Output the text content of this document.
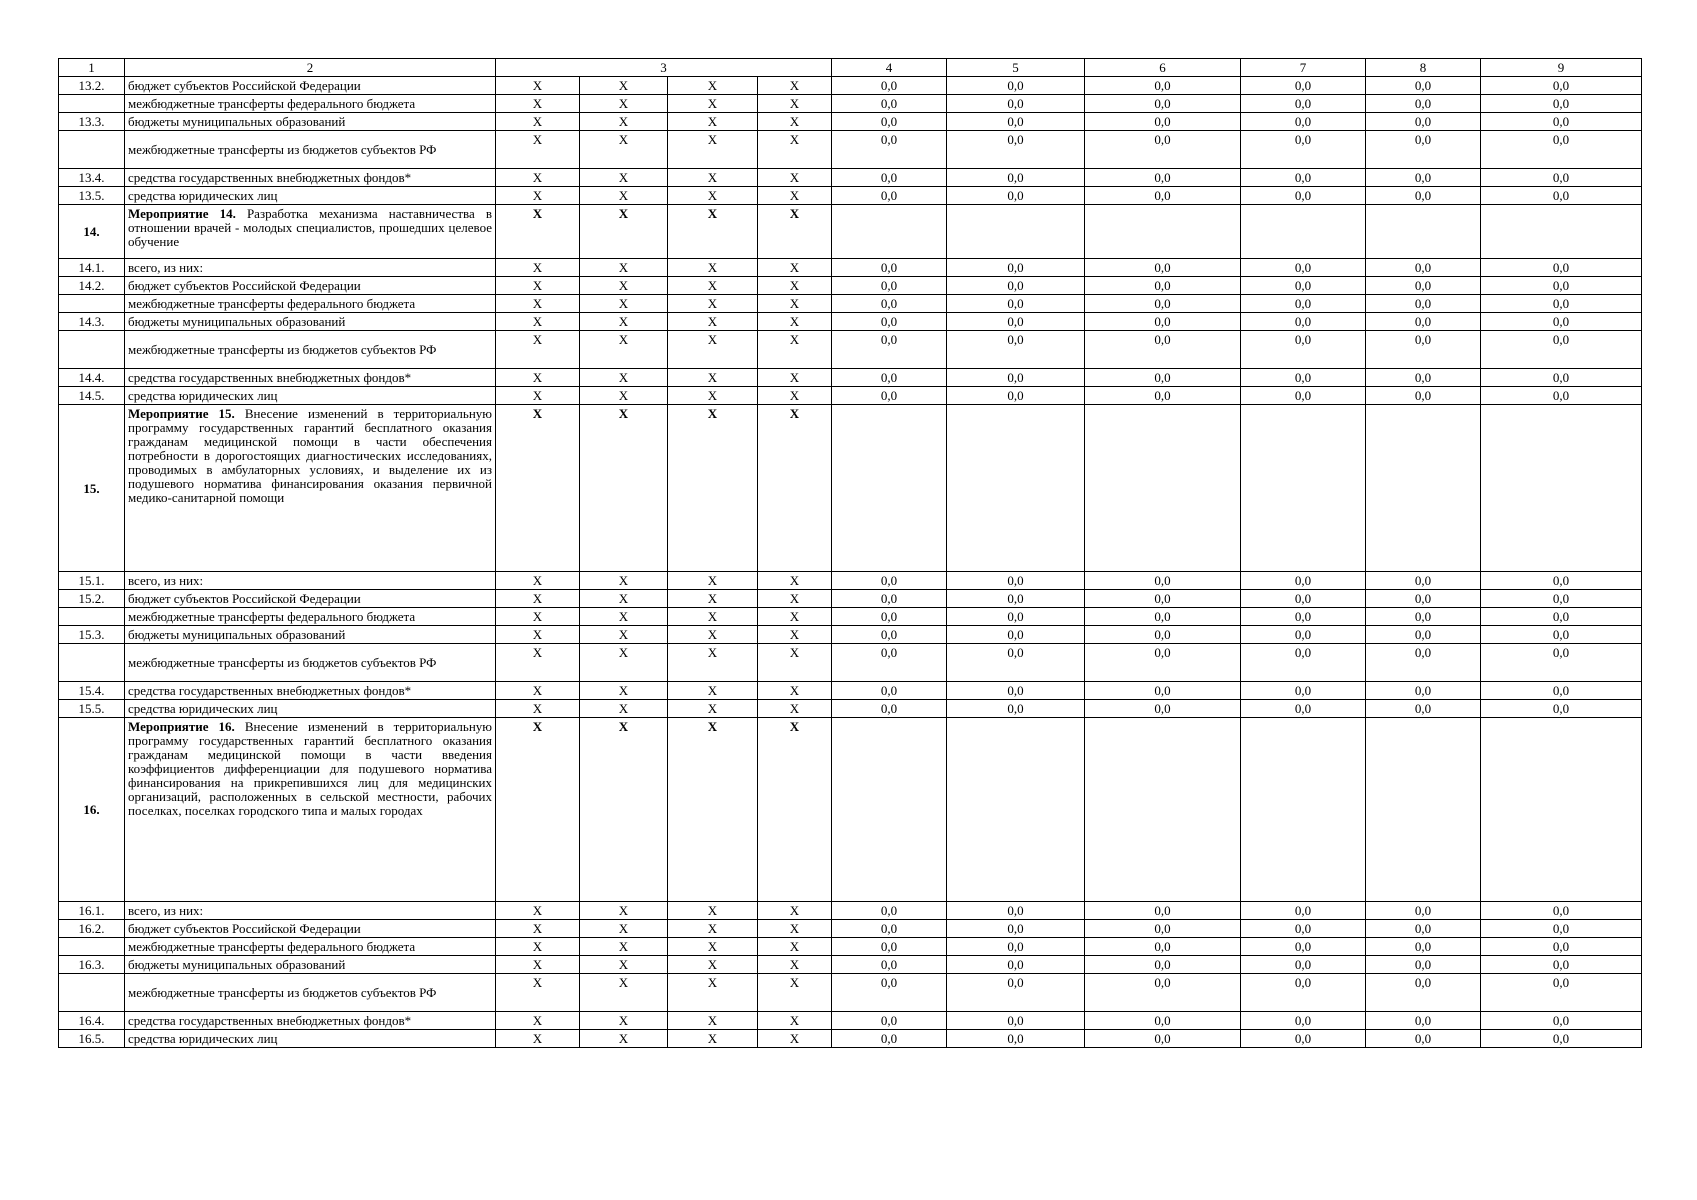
1	2	3				4	5	6	7	8	9
13.2.	бюджет субъектов Российской Федерации	X	X	X	X	0,0	0,0	0,0	0,0	0,0	0,0
	межбюджетные трансферты федерального бюджета	X	X	X	X	0,0	0,0	0,0	0,0	0,0	0,0
13.3.	бюджеты муниципальных образований	X	X	X	X	0,0	0,0	0,0	0,0	0,0	0,0
	межбюджетные трансферты из бюджетов субъектов РФ	X	X	X	X	0,0	0,0	0,0	0,0	0,0	0,0
13.4.	средства государственных внебюджетных фондов*	X	X	X	X	0,0	0,0	0,0	0,0	0,0	0,0
13.5.	средства юридических лиц	X	X	X	X	0,0	0,0	0,0	0,0	0,0	0,0
14.	Мероприятие 14. Разработка механизма наставничества в отношении врачей - молодых специалистов, прошедших целевое обучение	X	X	X	X						
14.1.	всего, из них:	X	X	X	X	0,0	0,0	0,0	0,0	0,0	0,0
14.2.	бюджет субъектов Российской Федерации	X	X	X	X	0,0	0,0	0,0	0,0	0,0	0,0
	межбюджетные трансферты федерального бюджета	X	X	X	X	0,0	0,0	0,0	0,0	0,0	0,0
14.3.	бюджеты муниципальных образований	X	X	X	X	0,0	0,0	0,0	0,0	0,0	0,0
	межбюджетные трансферты из бюджетов субъектов РФ	X	X	X	X	0,0	0,0	0,0	0,0	0,0	0,0
14.4.	средства государственных внебюджетных фондов*	X	X	X	X	0,0	0,0	0,0	0,0	0,0	0,0
14.5.	средства юридических лиц	X	X	X	X	0,0	0,0	0,0	0,0	0,0	0,0
15.	Мероприятие 15. Внесение изменений в территориальную программу государственных гарантий бесплатного оказания гражданам медицинской помощи в части обеспечения потребности в дорогостоящих диагностических исследованиях, проводимых в амбулаторных условиях, и выделение их из подушевого норматива финансирования оказания первичной медико-санитарной помощи	X	X	X	X						
15.1.	всего, из них:	X	X	X	X	0,0	0,0	0,0	0,0	0,0	0,0
15.2.	бюджет субъектов Российской Федерации	X	X	X	X	0,0	0,0	0,0	0,0	0,0	0,0
	межбюджетные трансферты федерального бюджета	X	X	X	X	0,0	0,0	0,0	0,0	0,0	0,0
15.3.	бюджеты муниципальных образований	X	X	X	X	0,0	0,0	0,0	0,0	0,0	0,0
	межбюджетные трансферты из бюджетов субъектов РФ	X	X	X	X	0,0	0,0	0,0	0,0	0,0	0,0
15.4.	средства государственных внебюджетных фондов*	X	X	X	X	0,0	0,0	0,0	0,0	0,0	0,0
15.5.	средства юридических лиц	X	X	X	X	0,0	0,0	0,0	0,0	0,0	0,0
16.	Мероприятие 16. Внесение изменений в территориальную программу государственных гарантий бесплатного оказания гражданам медицинской помощи в части введения коэффициентов дифференциации для подушевого норматива финансирования на прикрепившихся лиц для медицинских организаций, расположенных в сельской местности, рабочих поселках, поселках городского типа и малых городах	X	X	X	X						
16.1.	всего, из них:	X	X	X	X	0,0	0,0	0,0	0,0	0,0	0,0
16.2.	бюджет субъектов Российской Федерации	X	X	X	X	0,0	0,0	0,0	0,0	0,0	0,0
	межбюджетные трансферты федерального бюджета	X	X	X	X	0,0	0,0	0,0	0,0	0,0	0,0
16.3.	бюджеты муниципальных образований	X	X	X	X	0,0	0,0	0,0	0,0	0,0	0,0
	межбюджетные трансферты из бюджетов субъектов РФ	X	X	X	X	0,0	0,0	0,0	0,0	0,0	0,0
16.4.	средства государственных внебюджетных фондов*	X	X	X	X	0,0	0,0	0,0	0,0	0,0	0,0
16.5.	средства юридических лиц	X	X	X	X	0,0	0,0	0,0	0,0	0,0	0,0
